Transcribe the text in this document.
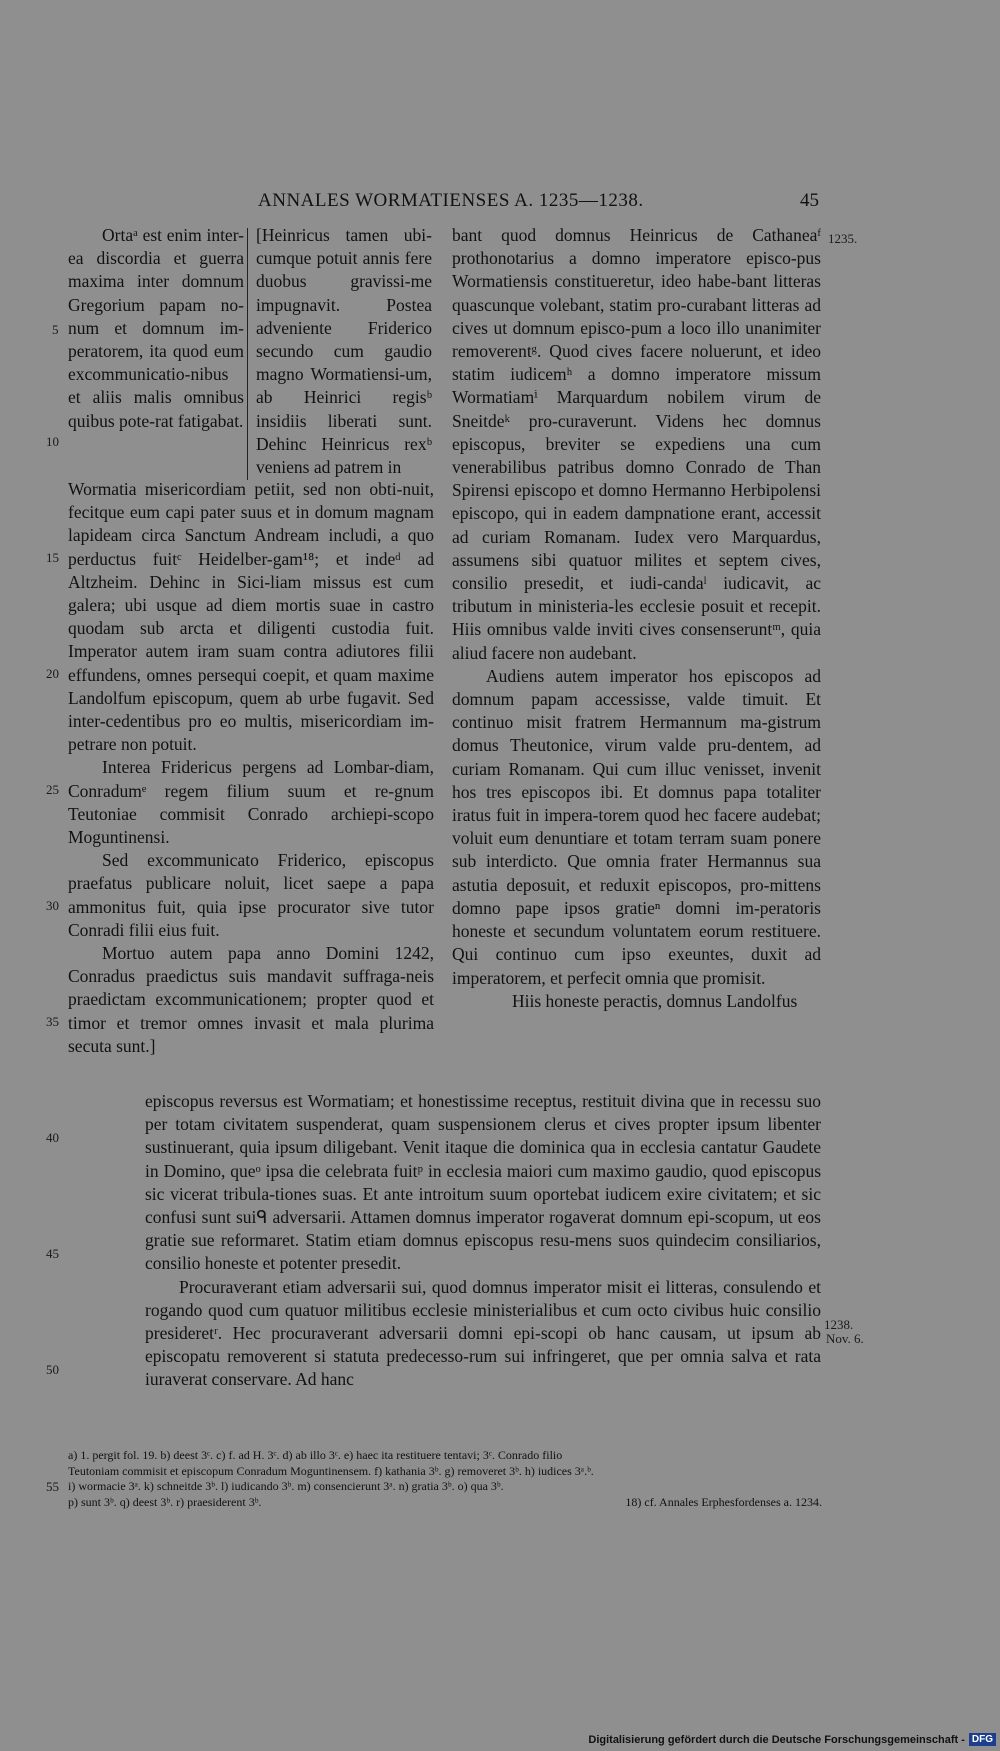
ANNALES WORMATIENSES A. 1235—1238.	45
5
10
15
20
25
30
35
40
45
50
55
1235.
1238.
Nov. 6.

Ortaᵃ est enim inter-ea discordia et guerra maxima inter domnum Gregorium papam no-num et domnum im-peratorem, ita quod eum excommunicatio-nibus et aliis malis omnibus quibus pote-rat fatigabat.

[Heinricus tamen ubi-cumque potuit annis fere duobus gravissi-me impugnavit. Postea adveniente Friderico secundo cum gaudio magno Wormatiensi-um, ab Heinrici regisᵇ insidiis liberati sunt. Dehinc Heinricus rexᵇ veniens ad patrem in

Wormatia misericordiam petiit, sed non obti-nuit, fecitque eum capi pater suus et in domum magnam lapideam circa Sanctum Andream includi, a quo perductus fuitᶜ Heidelber-gam¹⁸; et indeᵈ ad Altzheim. Dehinc in Sici-liam missus est cum galera; ubi usque ad diem mortis suae in castro quodam sub arcta et diligenti custodia fuit. Imperator autem iram suam contra adiutores filii effundens, omnes persequi coepit, et quam maxime Landolfum episcopum, quem ab urbe fugavit. Sed inter-cedentibus pro eo multis, misericordiam im-petrare non potuit.

Interea Fridericus pergens ad Lombar-diam, Conradumᵉ regem filium suum et re-gnum Teutoniae commisit Conrado archiepi-scopo Moguntinensi.

Sed excommunicato Friderico, episcopus praefatus publicare noluit, licet saepe a papa ammonitus fuit, quia ipse procurator sive tutor Conradi filii eius fuit.

Mortuo autem papa anno Domini 1242, Conradus praedictus suis mandavit suffraga-neis praedictam excommunicationem; propter quod et timor et tremor omnes invasit et mala plurima secuta sunt.]

bant quod domnus Heinricus de Cathaneaᶠ prothonotarius a domno imperatore episco-pus Wormatiensis constitueretur, ideo habe-bant litteras quascunque volebant, statim pro-curabant litteras ad cives ut domnum episco-pum a loco illo unanimiter removerentᵍ. Quod cives facere noluerunt, et ideo statim iudicemʰ a domno imperatore missum Wormatiamⁱ Marquardum nobilem virum de Sneitdeᵏ pro-curaverunt. Videns hec domnus episcopus, breviter se expediens una cum venerabilibus patribus domno Conrado de Than Spirensi episcopo et domno Hermanno Herbipolensi episcopo, qui in eadem dampnatione erant, accessit ad curiam Romanam. Iudex vero Marquardus, assumens sibi quatuor milites et septem cives, consilio presedit, et iudi-candaˡ iudicavit, ac tributum in ministeria-les ecclesie posuit et recepit. Hiis omnibus valde inviti cives consenseruntᵐ, quia aliud facere non audebant.

Audiens autem imperator hos episcopos ad domnum papam accessisse, valde timuit. Et continuo misit fratrem Hermannum ma-gistrum domus Theutonice, virum valde pru-dentem, ad curiam Romanam. Qui cum illuc venisset, invenit hos tres episcopos ibi. Et domnus papa totaliter iratus fuit in impera-torem quod hec facere audebat; voluit eum denuntiare et totam terram suam ponere sub interdicto. Que omnia frater Hermannus sua astutia deposuit, et reduxit episcopos, pro-mittens domno pape ipsos gratieⁿ domni im-peratoris honeste et secundum voluntatem eorum restituere. Qui continuo cum ipso exeuntes, duxit ad imperatorem, et perfecit omnia que promisit.

Hiis honeste peractis, domnus Landolfus

episcopus reversus est Wormatiam; et honestissime receptus, restituit divina que in recessu suo per totam civitatem suspenderat, quam suspensionem clerus et cives propter ipsum libenter sustinuerant, quia ipsum diligebant. Venit itaque die dominica qua in ecclesia cantatur Gaudete in Domino, queᵒ ipsa die celebrata fuitᵖ in ecclesia maiori cum maximo gaudio, quod episcopus sic vicerat tribula-tiones suas. Et ante introitum suum oportebat iudicem exire civitatem; et sic confusi sunt suiᑫ adversarii. Attamen domnus imperator rogaverat domnum epi-scopum, ut eos gratie sue reformaret. Statim etiam domnus episcopus resu-mens suos quindecim consiliarios, consilio honeste et potenter presedit.

Procuraverant etiam adversarii sui, quod domnus imperator misit ei litteras, consulendo et rogando quod cum quatuor militibus ecclesie ministerialibus et cum octo civibus huic consilio presideretʳ. Hec procuraverant adversarii domni epi-scopi ob hanc causam, ut ipsum ab episcopatu removerent si statuta predecesso-rum sui infringeret, que per omnia salva et rata iuraverat conservare. Ad hanc

a) 1. pergit fol. 19. b) deest 3ᶜ. c) f. ad H. 3ᶜ. d) ab illo 3ᶜ. e) haec ita restituere tentavi; 3ᶜ. Conrado filio
Teutoniam commisit et episcopum Conradum Moguntinensem. f) kathania 3ᵇ. g) removeret 3ᵇ. h) iudices 3ᵃ.ᵇ.
i) wormacie 3ᵃ. k) schneitde 3ᵇ. l) iudicando 3ᵇ. m) consencierunt 3ᵃ. n) gratia 3ᵇ. o) qua 3ᵇ.
p) sunt 3ᵇ. q) deest 3ᵇ. r) praesiderent 3ᵇ.	18) cf. Annales Erphesfordenses a. 1234.
Digitalisierung gefördert durch die Deutsche Forschungsgemeinschaft - DFG
